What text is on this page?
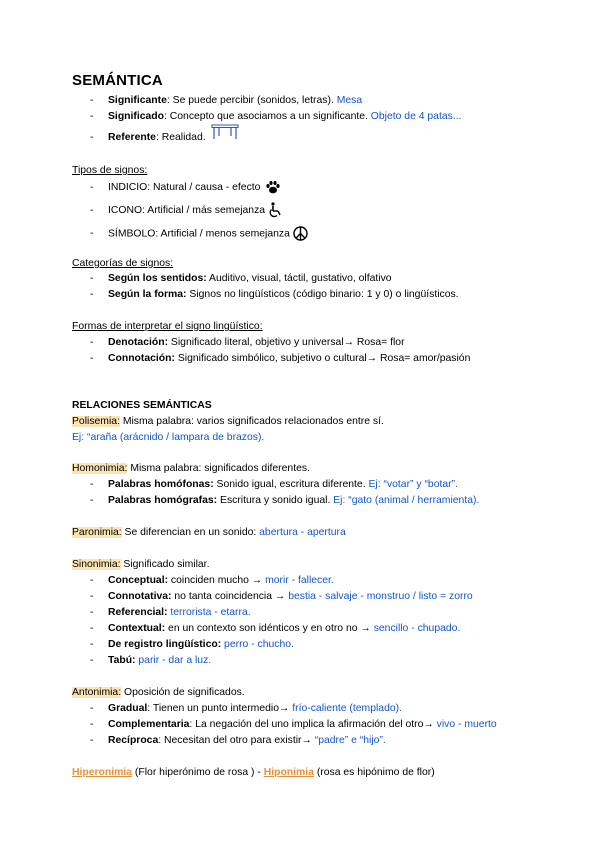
SEMÁNTICA
- Significante: Se puede percibir (sonidos, letras). Mesa
- Significado: Concepto que asociamos a un significante. Objeto de 4 patas...
- Referente: Realidad.
Tipos de signos:
- INDICIO: Natural / causa - efecto
- ICONO: Artificial / más semejanza
- SÍMBOLO: Artificial / menos semejanza
Categorías de signos:
- Según los sentidos: Auditivo, visual, táctil, gustativo, olfativo
- Según la forma: Signos no lingüísticos (código binario: 1 y 0) o lingüísticos.
Formas de interpretar el signo lingüístico:
- Denotación: Significado literal, objetivo y universal→ Rosa= flor
- Connotación: Significado simbólico, subjetivo o cultural→ Rosa= amor/pasión
RELACIONES SEMÁNTICAS
Polisemia: Misma palabra: varios significados relacionados entre sí.
Ej: “araña (arácnido / lampara de brazos).
Homonimia: Misma palabra: significados diferentes.
- Palabras homófonas: Sonido igual, escritura diferente. Ej: “votar” y “botar”.
- Palabras homógrafas: Escritura y sonido igual. Ej: “gato (animal / herramienta).
Paronimia: Se diferencian en un sonido: abertura - apertura
Sinonimia: Significado similar.
- Conceptual: coinciden mucho → morir - fallecer.
- Connotativa: no tanta coincidencia → bestia - salvaje - monstruo / listo = zorro
- Referencial: terrorista - etarra.
- Contextual: en un contexto son idénticos y en otro no → sencillo - chupado.
- De registro lingüístico: perro - chucho.
- Tabú: parir - dar a luz.
Antonimia: Oposición de significados.
- Gradual: Tienen un punto intermedio→ frío-caliente (templado).
- Complementaria: La negación del uno implica la afirmación del otro→ vivo - muerto
- Recíproca: Necesitan del otro para existir→ “padre” e “hijo”.
Hiperonimia (Flor hiperónimo de rosa ) - Hiponimia (rosa es hipónimo de flor)
